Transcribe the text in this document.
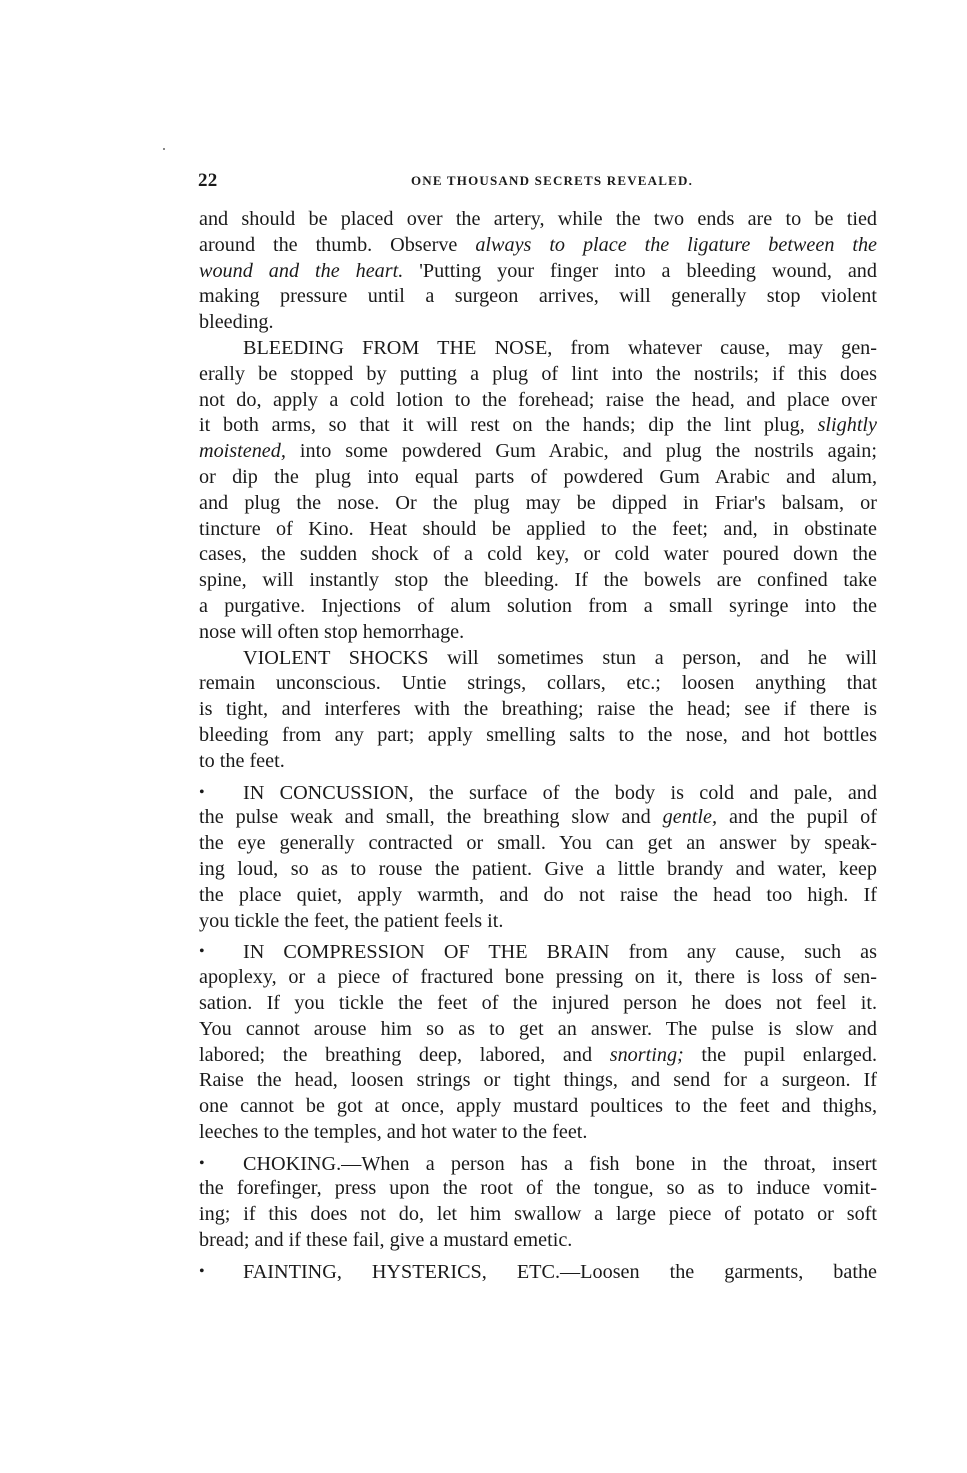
22	ONE THOUSAND SECRETS REVEALED.
and should be placed over the artery, while the two ends are to be tied
around the thumb. Observe always to place the ligature between the
wound and the heart. 'Putting your finger into a bleeding wound, and
making pressure until a surgeon arrives, will generally stop violent
bleeding.
BLEEDING FROM THE NOSE, from whatever cause, may gen-
erally be stopped by putting a plug of lint into the nostrils; if this does
not do, apply a cold lotion to the forehead; raise the head, and place over
it both arms, so that it will rest on the hands; dip the lint plug, slightly
moistened, into some powdered Gum Arabic, and plug the nostrils again;
or dip the plug into equal parts of powdered Gum Arabic and alum,
and plug the nose. Or the plug may be dipped in Friar's balsam, or
tincture of Kino. Heat should be applied to the feet; and, in obstinate
cases, the sudden shock of a cold key, or cold water poured down the
spine, will instantly stop the bleeding. If the bowels are confined take
a purgative. Injections of alum solution from a small syringe into the
nose will often stop hemorrhage.
VIOLENT SHOCKS will sometimes stun a person, and he will
remain unconscious. Untie strings, collars, etc.; loosen anything that
is tight, and interferes with the breathing; raise the head; see if there is
bleeding from any part; apply smelling salts to the nose, and hot bottles
to the feet.
• IN CONCUSSION, the surface of the body is cold and pale, and
the pulse weak and small, the breathing slow and gentle, and the pupil of
the eye generally contracted or small. You can get an answer by speak-
ing loud, so as to rouse the patient. Give a little brandy and water, keep
the place quiet, apply warmth, and do not raise the head too high. If
you tickle the feet, the patient feels it.
• IN COMPRESSION OF THE BRAIN from any cause, such as
apoplexy, or a piece of fractured bone pressing on it, there is loss of sen-
sation. If you tickle the feet of the injured person he does not feel it.
You cannot arouse him so as to get an answer. The pulse is slow and
labored; the breathing deep, labored, and snorting; the pupil enlarged.
Raise the head, loosen strings or tight things, and send for a surgeon. If
one cannot be got at once, apply mustard poultices to the feet and thighs,
leeches to the temples, and hot water to the feet.
• CHOKING.—When a person has a fish bone in the throat, insert
the forefinger, press upon the root of the tongue, so as to induce vomit-
ing; if this does not do, let him swallow a large piece of potato or soft
bread; and if these fail, give a mustard emetic.
• FAINTING, HYSTERICS, ETC.—Loosen the garments, bathe
